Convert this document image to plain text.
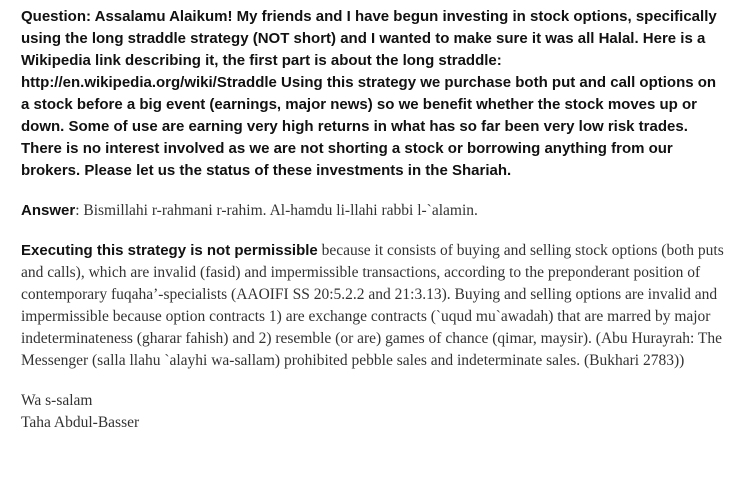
Question: Assalamu Alaikum! My friends and I have begun investing in stock options, specifically using the long straddle strategy (NOT short) and I wanted to make sure it was all Halal. Here is a Wikipedia link describing it, the first part is about the long straddle: http://en.wikipedia.org/wiki/Straddle Using this strategy we purchase both put and call options on a stock before a big event (earnings, major news) so we benefit whether the stock moves up or down. Some of use are earning very high returns in what has so far been very low risk trades. There is no interest involved as we are not shorting a stock or borrowing anything from our brokers. Please let us the status of these investments in the Shariah.

Answer: Bismillahi r-rahmani r-rahim. Al-hamdu li-llahi rabbi l-`alamin.

Executing this strategy is not permissible because it consists of buying and selling stock options (both puts and calls), which are invalid (fasid) and impermissible transactions, according to the preponderant position of contemporary fuqaha’-specialists (AAOIFI SS 20:5.2.2 and 21:3.13). Buying and selling options are invalid and impermissible because option contracts 1) are exchange contracts (`uqud mu`awadah) that are marred by major indeterminateness (gharar fahish) and 2) resemble (or are) games of chance (qimar, maysir). (Abu Hurayrah: The Messenger (salla llahu `alayhi wa-sallam) prohibited pebble sales and indeterminate sales. (Bukhari 2783))

Wa s-salam
Taha Abdul-Basser
